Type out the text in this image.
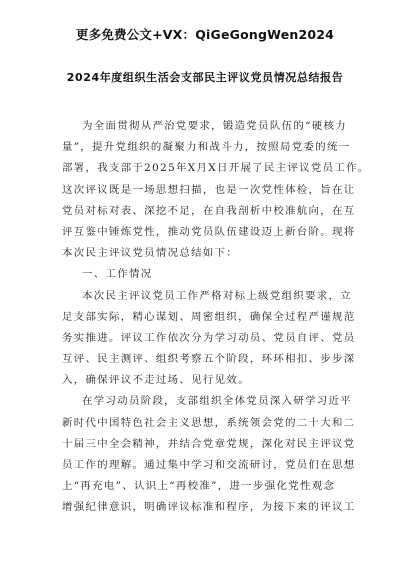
更多免费公文+VX：QiGeGongWen2024
2024年度组织生活会支部民主评议党员情况总结报告
为全面贯彻从严治党要求，锻造党员队伍的“硬核力
量”，提升党组织的凝聚力和战斗力，按照局党委的统一
部署，我支部于2025年X月X日开展了民主评议党员工作。
这次评议既是一场思想扫描，也是一次党性体检，旨在让
党员对标对表、深挖不足，在自我剖析中校准航向，在互
评互鉴中锤炼党性，推动党员队伍建设迈上新台阶。现将
本次民主评议党员情况总结如下：
一、工作情况
本次民主评议党员工作严格对标上级党组织要求，立
足支部实际，精心谋划、周密组织，确保全过程严谨规范
务实推进。评议工作依次分为学习动员、党员自评、党员
互评、民主测评、组织考察五个阶段，环环相扣、步步深
入，确保评议不走过场、见行见效。
在学习动员阶段，支部组织全体党员深入研学习近平
新时代中国特色社会主义思想，系统领会党的二十大和二
十届三中全会精神，并结合党章党规，深化对民主评议党
员工作的理解。通过集中学习和交流研讨，党员们在思想
上“再充电”、认识上“再校准”，进一步强化党性观念
增强纪律意识，明确评议标准和程序，为接下来的评议工
